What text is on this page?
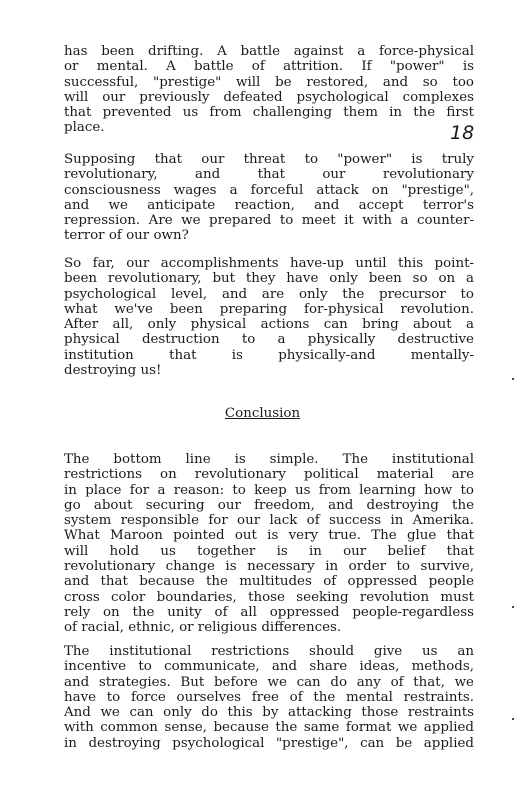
18
has been drifting. A battle against a force-physical
or mental. A battle of attrition. If "power" is
successful, "prestige" will be restored, and so too
will our previously defeated psychological complexes
that prevented us from challenging them in the first
place.
Supposing that our threat to "power" is truly
revolutionary, and that our revolutionary
consciousness wages a forceful attack on "prestige",
and we anticipate reaction, and accept terror's
repression. Are we prepared to meet it with a counter-
terror of our own?
So far, our accomplishments have-up until this point-
been revolutionary, but they have only been so on a
psychological level, and are only the precursor to
what we've been preparing for-physical revolution.
After all, only physical actions can bring about a
physical destruction to a physically destructive
institution that is physically-and mentally-
destroying us!
Conclusion
The bottom line is simple. The institutional
restrictions on revolutionary political material are
in place for a reason: to keep us from learning how to
go about securing our freedom, and destroying the
system responsible for our lack of success in Amerika.
What Maroon pointed out is very true. The glue that
will hold us together is in our belief that
revolutionary change is necessary in order to survive,
and that because the multitudes of oppressed people
cross color boundaries, those seeking revolution must
rely on the unity of all oppressed people-regardless
of racial, ethnic, or religious differences.
The institutional restrictions should give us an
incentive to communicate, and share ideas, methods,
and strategies. But before we can do any of that, we
have to force ourselves free of the mental restraints.
And we can only do this by attacking those restraints
with common sense, because the same format we applied
in destroying psychological "prestige", can be applied
